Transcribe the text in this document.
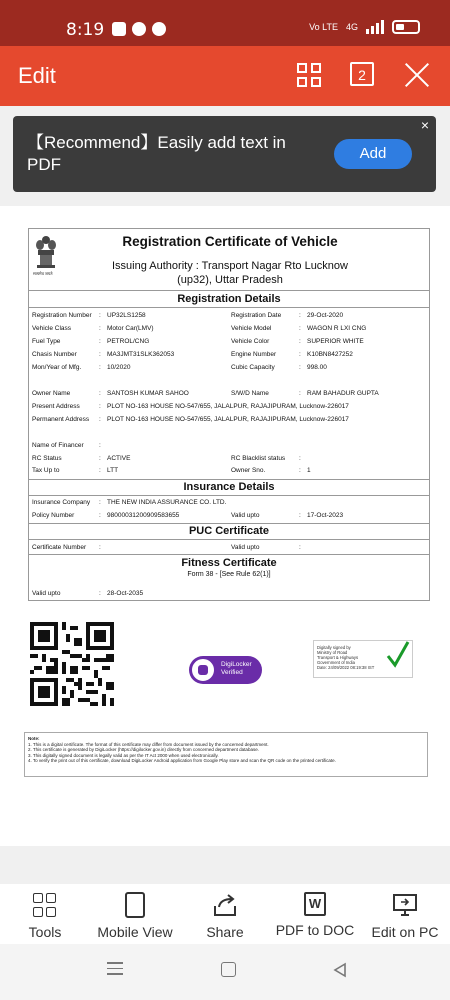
8:19	Vo LTE 4G
Edit	2
【Recommend】Easily add text in PDF
Add
×
सत्यमेव जयते
Registration Certificate of Vehicle
Issuing Authority : Transport Nagar Rto Lucknow
(up32), Uttar Pradesh
Registration Details
Registration Number : UP32LS1258	Registration Date	: 29-Oct-2020
Vehicle Class	: Motor Car(LMV)	Vehicle Model	: WAGON R LXI CNG
Fuel Type	: PETROL/CNG	Vehicle Color	: SUPERIOR WHITE
Chasis Number	: MA3JMT31SLK362053	Engine Number	: K10BN8427252
Mon/Year of Mfg.	: 10/2020	Cubic Capacity	: 998.00
Owner Name	: SANTOSH KUMAR SAHOO	S/W/D Name	: RAM BAHADUR GUPTA
Present Address	: PLOT NO-163 HOUSE NO-547/655, JALALPUR, RAJAJIPURAM, Lucknow-226017
Permanent Address : PLOT NO-163 HOUSE NO-547/655, JALALPUR, RAJAJIPURAM, Lucknow-226017
Name of Financer :
RC Status	: ACTIVE	RC Blacklist status :
Tax Up to	: LTT	Owner Sno.	: 1
Insurance Details
Insurance Company : THE NEW INDIA ASSURANCE CO. LTD.
Policy Number	: 98000031200909583655	Valid upto	: 17-Oct-2023
PUC Certificate
Certificate Number :	Valid upto	:
Fitness Certificate
Form 38 - [See Rule 62(1)]
Valid upto	: 28-Oct-2035
DigiLocker
Verified
Digitally signed by
Ministry of Road
Transport & Highways
Government of India
Date: 24/09/2022 08:19:38 IST
Note:
1. This is a digital certificate. The format of this certificate may differ from document issued by the concerned department.
2. This certificate is generated by DigiLocker (https://digilocker.gov.in) directly from concerned department database.
3. This digitally signed document is legally valid as per the IT Act 2000 when used electronically.
4. To verify the print out of this certificate, download DigiLocker Android application from Google Play store and scan the QR code on the printed certificate.
Tools	Mobile View	Share
W
PDF to DOC	Edit on PC
